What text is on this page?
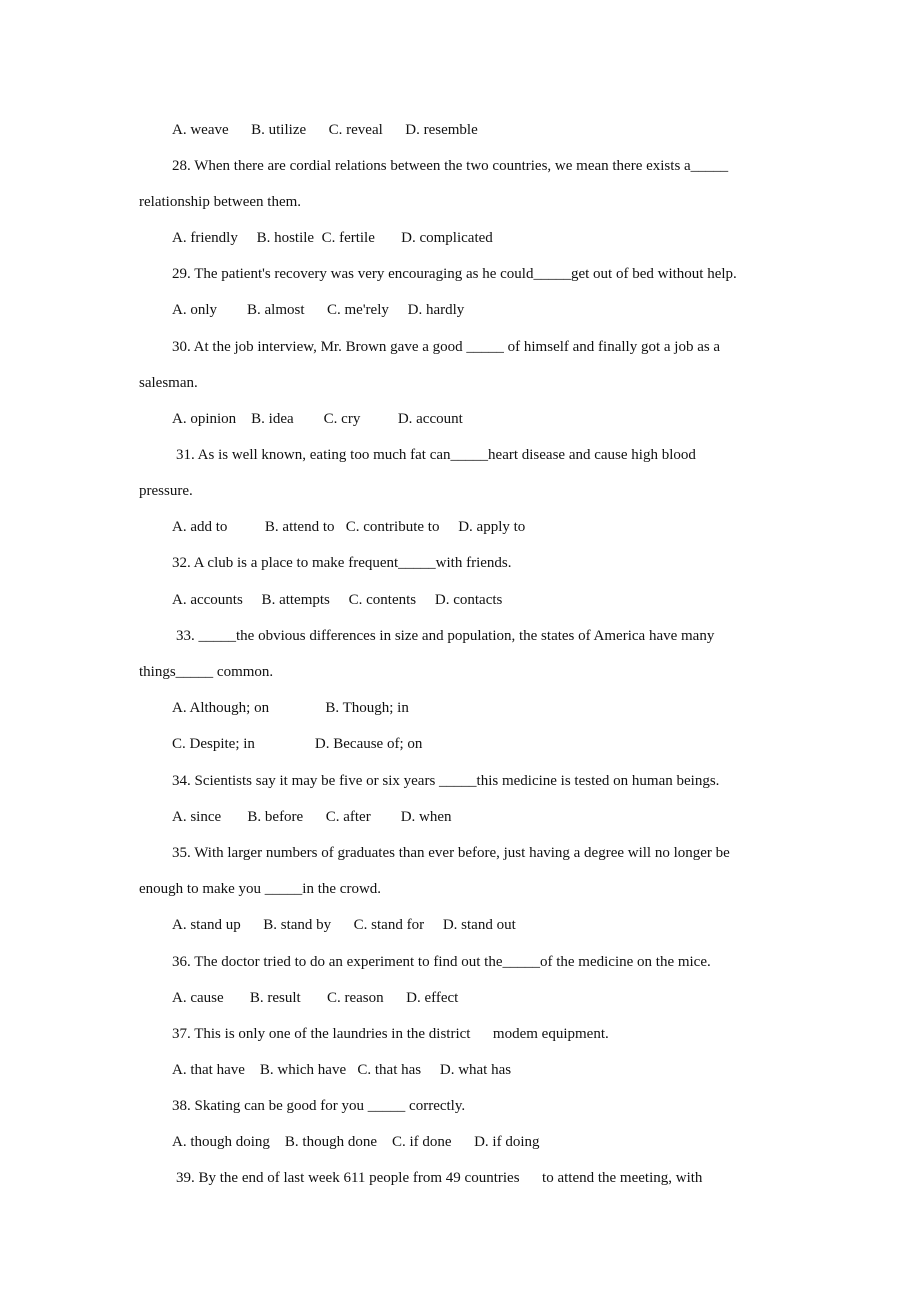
A. weave      B. utilize      C. reveal      D. resemble
28. When there are cordial relations between the two countries, we mean there exists a_____
relationship between them.
A. friendly     B. hostile  C. fertile       D. complicated
29. The patient's recovery was very encouraging as he could_____get out of bed without help.
A. only        B. almost      C. me'rely     D. hardly
30. At the job interview, Mr. Brown gave a good _____ of himself and finally got a job as a
salesman.
A. opinion    B. idea        C. cry          D. account
31. As is well known, eating too much fat can_____heart disease and cause high blood
pressure.
A. add to          B. attend to   C. contribute to     D. apply to
32. A club is a place to make frequent_____with friends.
A. accounts     B. attempts     C. contents     D. contacts
33. _____the obvious differences in size and population, the states of America have many
things_____ common.
A. Although; on               B. Though; in
C. Despite; in                D. Because of; on
34. Scientists say it may be five or six years _____this medicine is tested on human beings.
A. since       B. before      C. after        D. when
35. With larger numbers of graduates than ever before, just having a degree will no longer be
enough to make you _____in the crowd.
A. stand up      B. stand by      C. stand for     D. stand out
36. The doctor tried to do an experiment to find out the_____of the medicine on the mice.
A. cause       B. result       C. reason      D. effect
37. This is only one of the laundries in the district      modem equipment.
A. that have    B. which have   C. that has     D. what has
38. Skating can be good for you _____ correctly.
A. though doing    B. though done    C. if done      D. if doing
39. By the end of last week 611 people from 49 countries      to attend the meeting, with
